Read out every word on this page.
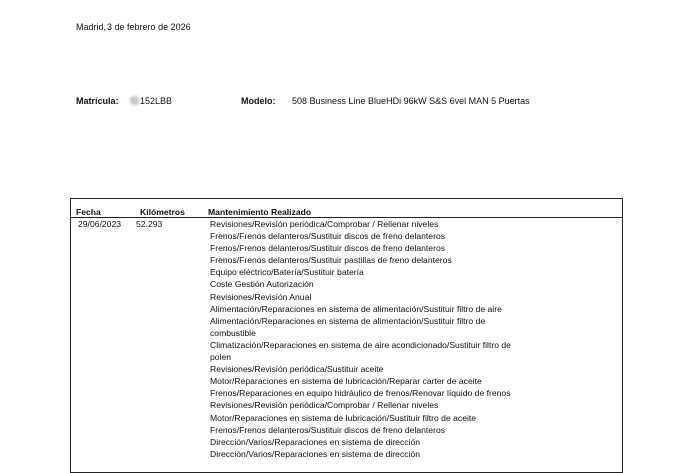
Madrid,3 de febrero de 2026
Matrícula:	152LBB	Modelo: 508 Business Line BlueHDi 96kW S&S 6vel MAN 5 Puertas
Fecha	Kilómetros	Mantenimiento Realizado
29/06/2023 52.293	Revisiones/Revisión periódica/Comprobar / Rellenar niveles
Frenos/Frenos delanteros/Sustituir discos de freno delanteros
Frenos/Frenos delanteros/Sustituir discos de freno delanteros
Frenos/Frenos delanteros/Sustituir pastillas de freno delanteros
Equipo eléctrico/Batería/Sustituir batería
Coste Gestión Autorización
Revisiones/Revisión Anual
Alimentación/Reparaciones en sistema de alimentación/Sustituir filtro de aire
Alimentación/Reparaciones en sistema de alimentación/Sustituir filtro de
combustible
Climatización/Reparaciones en sistema de aire acondicionado/Sustituir filtro de
polen
Revisiones/Revisión periódica/Sustituir aceite
Motor/Reparaciones en sistema de lubricación/Reparar carter de aceite
Frenos/Reparaciones en equipo hidráulico de frenos/Renovar líquido de frenos
Revisiones/Revisión periódica/Comprobar / Rellenar niveles
Motor/Reparaciones en sistema de lubricación/Sustituir filtro de aceite
Frenos/Frenos delanteros/Sustituir discos de freno delanteros
Dirección/Varios/Reparaciones en sistema de dirección
Dirección/Varios/Reparaciones en sistema de dirección
